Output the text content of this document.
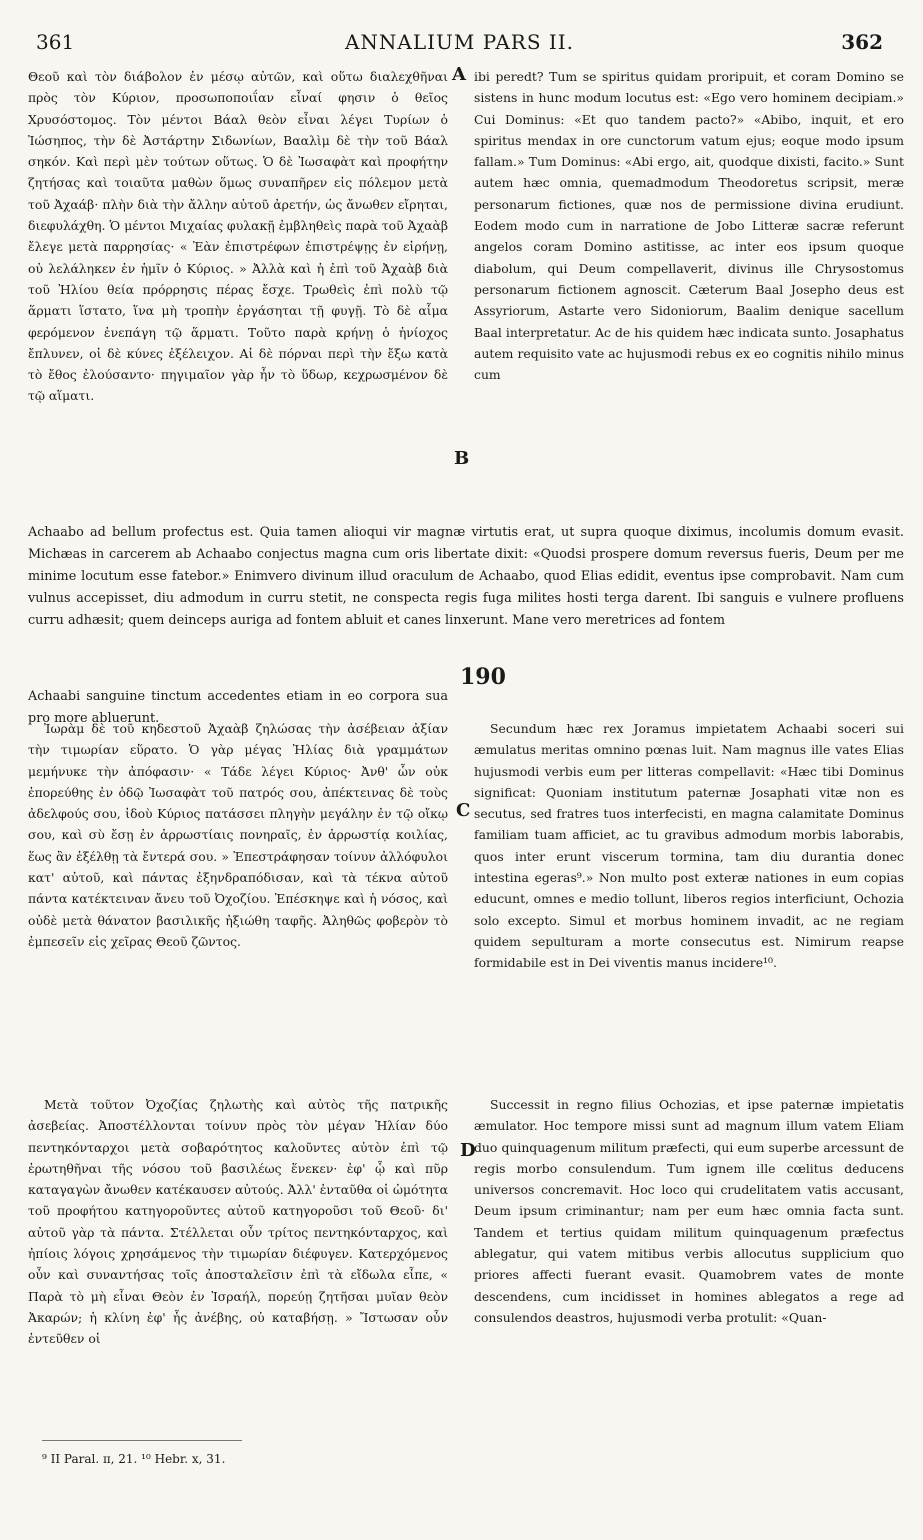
361	ANNALIUM PARS II.	362

Θεοῦ καὶ τὸν διάβολον ἐν μέσῳ αὐτῶν, καὶ οὕτω διαλεχθῆναι πρὸς τὸν Κύριον, προσωποποιΐαν εἶναί φησιν ὁ θεῖος Χρυσόστομος. Τὸν μέντοι Βάαλ θεὸν εἶναι λέγει Τυρίων ὁ Ἰώσηπος, τὴν δὲ Ἀστάρτην Σιδωνίων, Βααλὶμ δὲ τὴν τοῦ Βάαλ σηκόν. Καὶ περὶ μὲν τούτων οὕτως. Ὁ δὲ Ἰωσαφὰτ καὶ προφήτην ζητήσας καὶ τοιαῦτα μαθὼν ὅμως συναπῆρεν εἰς πόλεμον μετὰ τοῦ Ἀχαάβ· πλὴν διὰ τὴν ἄλλην αὐτοῦ ἀρετήν, ὡς ἄνωθεν εἴρηται, διεφυλάχθη. Ὁ μέντοι Μιχαίας φυλακῇ ἐμβληθεὶς παρὰ τοῦ Ἀχαὰβ ἔλεγε μετὰ παρρησίας· « Ἐὰν ἐπιστρέφων ἐπιστρέψῃς ἐν εἰρήνῃ, οὐ λελάληκεν ἐν ἡμῖν ὁ Κύριος. » Ἀλλὰ καὶ ἡ ἐπὶ τοῦ Ἀχαὰβ διὰ τοῦ Ἠλίου θεία πρόρρησις πέρας ἔσχε. Τρωθεὶς ἐπὶ πολὺ τῷ ἅρματι ἵστατο, ἵνα μὴ τροπὴν ἐργάσηται τῇ φυγῇ. Τὸ δὲ αἷμα φερόμενον ἐνεπάγη τῷ ἅρματι. Τοῦτο παρὰ κρήνῃ ὁ ἡνίοχος ἔπλυνεν, οἱ δὲ κύνες ἐξέλειχον. Αἱ δὲ πόρναι περὶ τὴν ἔξω κατὰ τὸ ἔθος ἐλούσαντο· πηγιμαῖον γὰρ ἦν τὸ ὕδωρ, κεχρωσμένον δὲ τῷ αἵματι.

ibi peredt? Tum se spiritus quidam proripuit, et coram Domino se sistens in hunc modum locutus est: «Ego vero hominem decipiam.» Cui Dominus: «Et quo tandem pacto?» «Abibo, inquit, et ero spiritus mendax in ore cunctorum vatum ejus; eoque modo ipsum fallam.» Tum Dominus: «Abi ergo, ait, quodque dixisti, facito.» Sunt autem hæc omnia, quemadmodum Theodoretus scripsit, meræ personarum fictiones, quæ nos de permissione divina erudiunt. Eodem modo cum in narratione de Jobo Litteræ sacræ referunt angelos coram Domino astitisse, ac inter eos ipsum quoque diabolum, qui Deum compellaverit, divinus ille Chrysostomus personarum fictionem agnoscit. Cæterum Baal Josepho deus est Assyriorum, Astarte vero Sidoniorum, Baalim denique sacellum Baal interpretatur. Ac de his quidem hæc indicata sunto. Josaphatus autem requisito vate ac hujusmodi rebus ex eo cognitis nihilo minus cum

A
B

Achaabo ad bellum profectus est. Quia tamen alioqui vir magnæ virtutis erat, ut supra quoque diximus, incolumis domum evasit. Michæas in carcerem ab Achaabo conjectus magna cum oris libertate dixit: «Quodsi prospere domum reversus fueris, Deum per me minime locutum esse fatebor.» Enimvero divinum illud oraculum de Achaabo, quod Elias edidit, eventus ipse comprobavit. Nam cum vulnus accepisset, diu admodum in curru stetit, ne conspecta regis fuga milites hosti terga darent. Ibi sanguis e vulnere profluens curru adhæsit; quem deinceps auriga ad fontem abluit et canes linxerunt. Mane vero meretrices ad fontem

190

Achaabi sanguine tinctum accedentes etiam in eo corpora sua pro more abluerunt.

Ἰωρὰμ δὲ τοῦ κηδεστοῦ Ἀχαὰβ ζηλώσας τὴν ἀσέβειαν ἀξίαν τὴν τιμωρίαν εὕρατο. Ὁ γὰρ μέγας Ἠλίας διὰ γραμμάτων μεμήνυκε τὴν ἀπόφασιν· « Τάδε λέγει Κύριος· Ἀνθ' ὧν οὐκ ἐπορεύθης ἐν ὁδῷ Ἰωσαφὰτ τοῦ πατρός σου, ἀπέκτεινας δὲ τοὺς ἀδελφούς σου, ἰδοὺ Κύριος πατάσσει πληγὴν μεγάλην ἐν τῷ οἴκῳ σου, καὶ σὺ ἔσῃ ἐν ἀρρωστίαις πονηραῖς, ἐν ἀρρωστίᾳ κοιλίας, ἕως ἂν ἐξέλθῃ τὰ ἔντερά σου. » Ἐπεστράφησαν τοίνυν ἀλλόφυλοι κατ' αὐτοῦ, καὶ πάντας ἐξηνδραπόδισαν, καὶ τὰ τέκνα αὐτοῦ πάντα κατέκτειναν ἄνευ τοῦ Ὀχοζίου. Ἐπέσκηψε καὶ ἡ νόσος, καὶ οὐδὲ μετὰ θάνατον βασιλικῆς ἠξιώθη ταφῆς. Ἀληθῶς φοβερὸν τὸ ἐμπεσεῖν εἰς χεῖρας Θεοῦ ζῶντος.

Secundum hæc rex Joramus impietatem Achaabi soceri sui æmulatus meritas omnino pœnas luit. Nam magnus ille vates Elias hujusmodi verbis eum per litteras compellavit: «Hæc tibi Dominus significat: Quoniam institutum paternæ Josaphati vitæ non es secutus, sed fratres tuos interfecisti, en magna calamitate Dominus familiam tuam afficiet, ac tu gravibus admodum morbis laborabis, quos inter erunt viscerum tormina, tam diu durantia donec intestina egeras⁹.» Non multo post exteræ nationes in eum copias educunt, omnes e medio tollunt, liberos regios interficiunt, Ochozia solo excepto. Simul et morbus hominem invadit, ac ne regiam quidem sepulturam a morte consecutus est. Nimirum reapse formidabile est in Dei viventis manus incidere¹⁰.

C

Μετὰ τοῦτον Ὀχοζίας ζηλωτὴς καὶ αὐτὸς τῆς πατρικῆς ἀσεβείας. Ἀποστέλλονται τοίνυν πρὸς τὸν μέγαν Ἠλίαν δύο πεντηκόνταρχοι μετὰ σοβαρότητος καλοῦντες αὐτὸν ἐπὶ τῷ ἐρωτηθῆναι τῆς νόσου τοῦ βασιλέως ἕνεκεν· ἐφ' ᾧ καὶ πῦρ καταγαγὼν ἄνωθεν κατέκαυσεν αὐτούς. Ἀλλ' ἐνταῦθα οἱ ὠμότητα τοῦ προφήτου κατηγοροῦντες αὐτοῦ κατηγοροῦσι τοῦ Θεοῦ· δι' αὐτοῦ γὰρ τὰ πάντα. Στέλλεται οὖν τρίτος πεντηκόνταρχος, καὶ ἠπίοις λόγοις χρησάμενος τὴν τιμωρίαν διέφυγεν. Κατερχόμενος οὖν καὶ συναντήσας τοῖς ἀποσταλεῖσιν ἐπὶ τὰ εἴδωλα εἶπε, « Παρὰ τὸ μὴ εἶναι Θεὸν ἐν Ἰσραήλ, πορεύῃ ζητῆσαι μυῖαν θεὸν Ἀκαρών; ἡ κλίνη ἐφ' ἧς ἀνέβης, οὐ καταβήσῃ. » Ἴστωσαν οὖν ἐντεῦθεν οἱ

Successit in regno filius Ochozias, et ipse paternæ impietatis æmulator. Hoc tempore missi sunt ad magnum illum vatem Eliam duo quinquagenum militum præfecti, qui eum superbe arcessunt de regis morbo consulendum. Tum ignem ille cœlitus deducens universos concremavit. Hoc loco qui crudelitatem vatis accusant, Deum ipsum criminantur; nam per eum hæc omnia facta sunt. Tandem et tertius quidam militum quinquagenum præfectus ablegatur, qui vatem mitibus verbis allocutus supplicium quo priores affecti fuerant evasit. Quamobrem vates de monte descendens, cum incidisset in homines ablegatos a rege ad consulendos deastros, hujusmodi verba protulit: «Quan-

D
⁹ II Paral. ɪɪ, 21. ¹⁰ Hebr. x, 31.
